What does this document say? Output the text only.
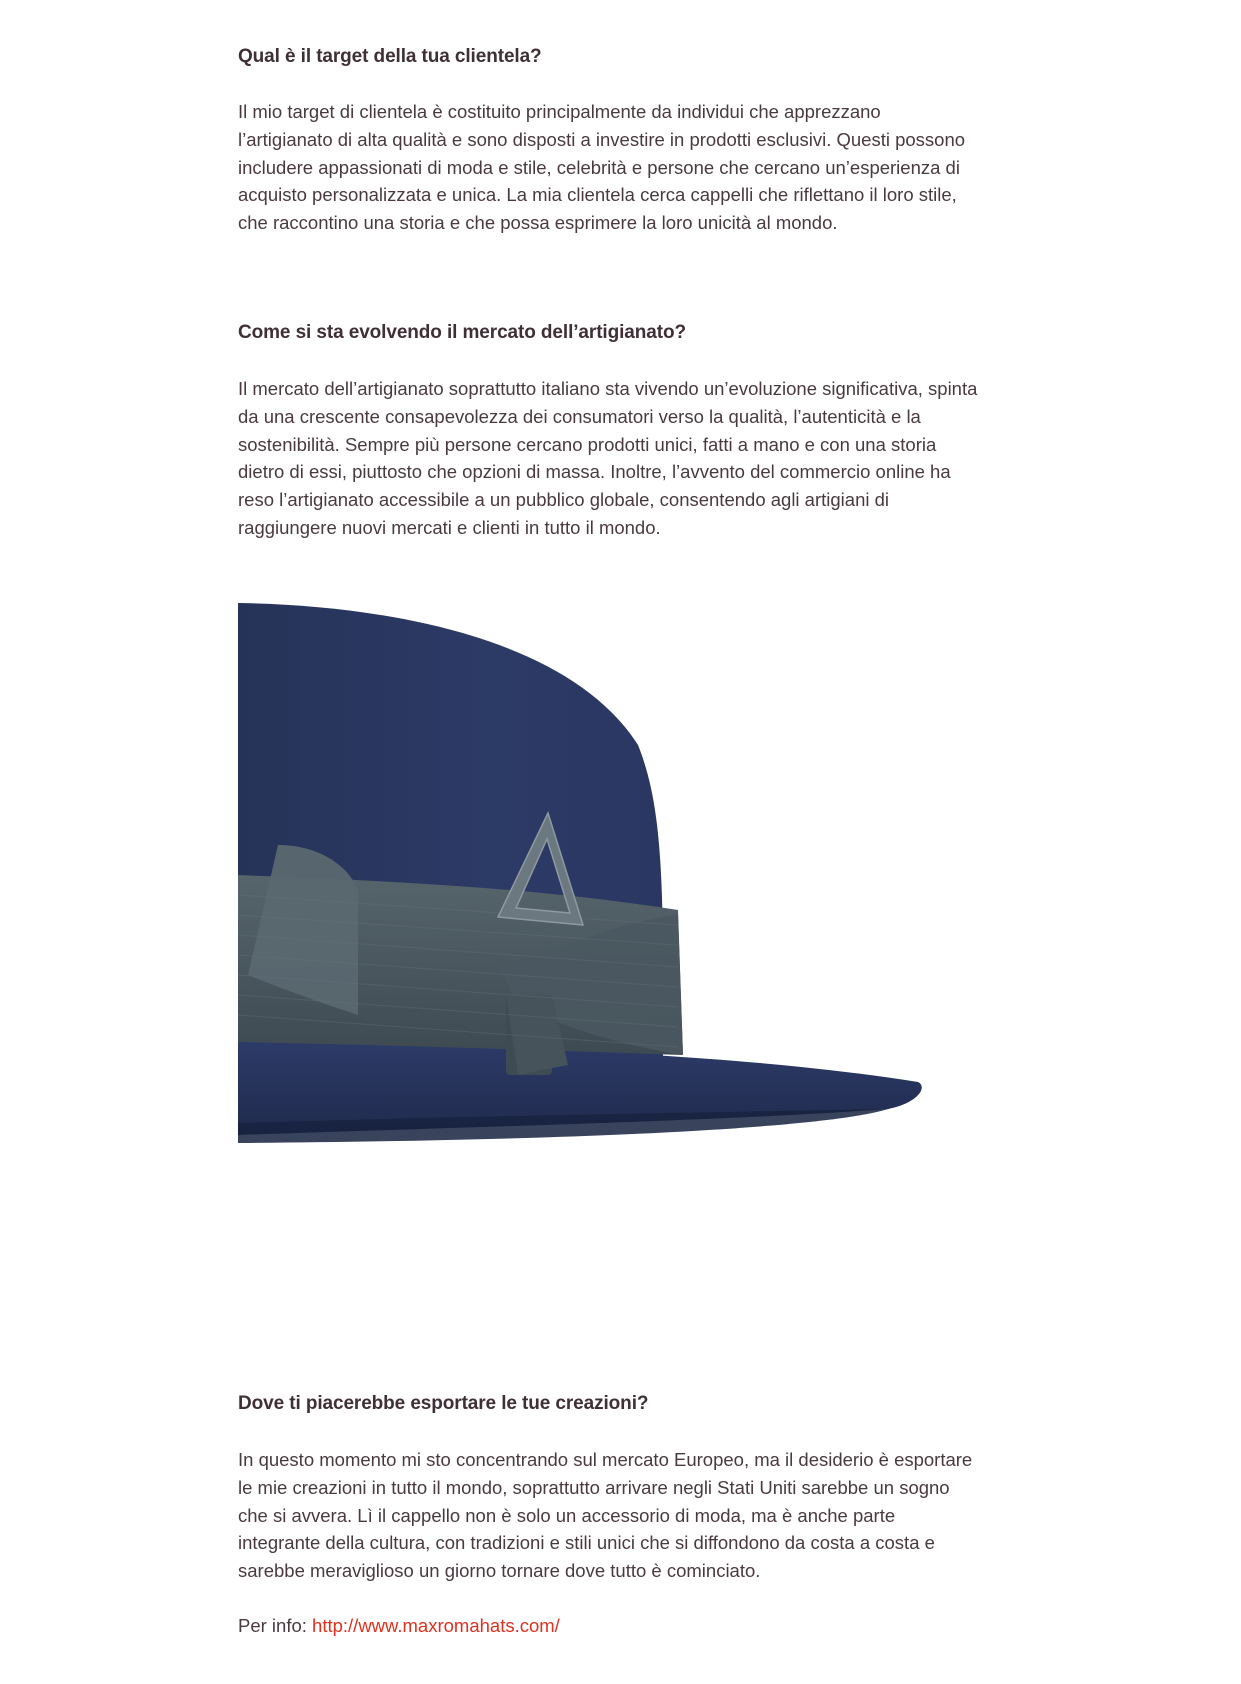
Qual è il target della tua clientela?

Il mio target di clientela è costituito principalmente da individui che apprezzano l’artigianato di alta qualità e sono disposti a investire in prodotti esclusivi. Questi possono includere appassionati di moda e stile, celebrità e persone che cercano un’esperienza di acquisto personalizzata e unica. La mia clientela cerca cappelli che riflettano il loro stile, che raccontino una storia e che possa esprimere la loro unicità al mondo.

Come si sta evolvendo il mercato dell’artigianato?

Il mercato dell’artigianato soprattutto italiano sta vivendo un’evoluzione significativa, spinta da una crescente consapevolezza dei consumatori verso la qualità, l’autenticità e la sostenibilità. Sempre più persone cercano prodotti unici, fatti a mano e con una storia dietro di essi, piuttosto che opzioni di massa. Inoltre, l’avvento del commercio online ha reso l’artigianato accessibile a un pubblico globale, consentendo agli artigiani di raggiungere nuovi mercati e clienti in tutto il mondo.

Dove ti piacerebbe esportare le tue creazioni?

In questo momento mi sto concentrando sul mercato Europeo, ma il desiderio è esportare le mie creazioni in tutto il mondo, soprattutto arrivare negli Stati Uniti sarebbe un sogno che si avvera. Lì il cappello non è solo un accessorio di moda, ma è anche parte integrante della cultura, con tradizioni e stili unici che si diffondono da costa a costa e sarebbe meraviglioso un giorno tornare dove tutto è cominciato.

Per info: http://www.maxromahats.com/
